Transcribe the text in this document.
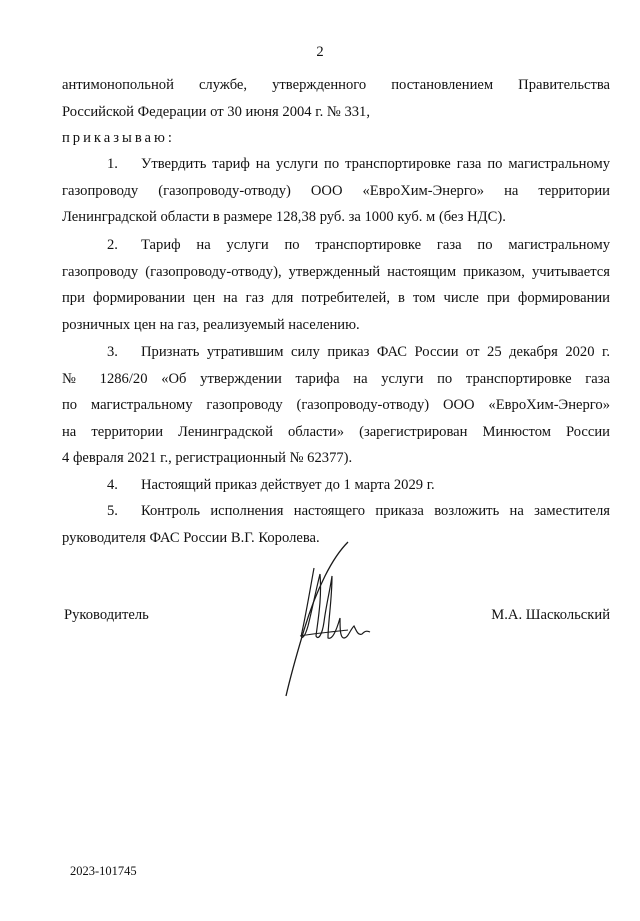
2
антимонопольной службе, утвержденного постановлением Правительства
Российской Федерации от 30 июня 2004 г. № 331,
приказываю:
1. Утвердить тариф на услуги по транспортировке газа по магистральному
газопроводу (газопроводу-отводу) ООО «ЕвроХим-Энерго» на территории
Ленинградской области в размере 128,38 руб. за 1000 куб. м (без НДС).
2. Тариф на услуги по транспортировке газа по магистральному
газопроводу (газопроводу-отводу), утвержденный настоящим приказом, учитывается
при формировании цен на газ для потребителей, в том числе при формировании
розничных цен на газ, реализуемый населению.
3. Признать утратившим силу приказ ФАС России от 25 декабря 2020 г.
№ 1286/20 «Об утверждении тарифа на услуги по транспортировке газа
по магистральному газопроводу (газопроводу-отводу) ООО «ЕвроХим-Энерго»
на территории Ленинградской области» (зарегистрирован Минюстом России
4 февраля 2021 г., регистрационный № 62377).
4. Настоящий приказ действует до 1 марта 2029 г.
5. Контроль исполнения настоящего приказа возложить на заместителя
руководителя ФАС России В.Г. Королева.
Руководитель	М.А. Шаскольский
2023-101745
